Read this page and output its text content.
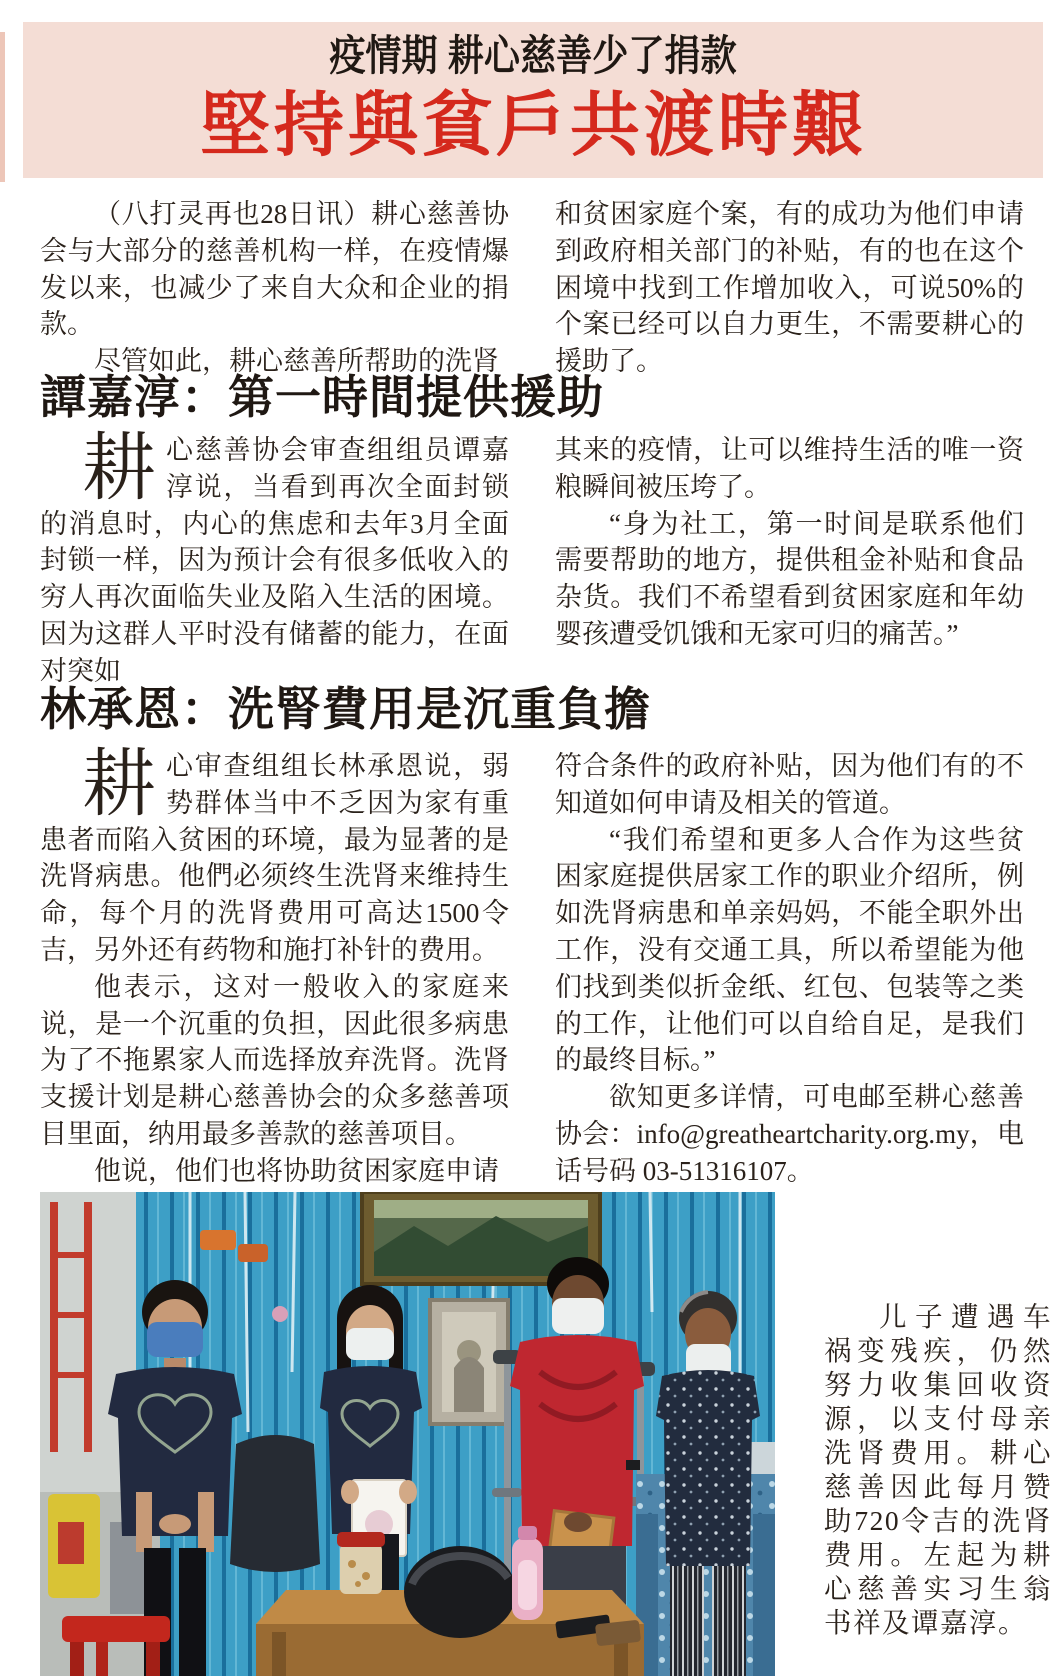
疫情期 耕心慈善少了捐款
堅持與貧戶共渡時艱

（八打灵再也28日讯）耕心慈善协会与大部分的慈善机构一样，在疫情爆发以来，也减少了来自大众和企业的捐款。

尽管如此，耕心慈善所帮助的洗肾

和贫困家庭个案，有的成功为他们申请到政府相关部门的补贴，有的也在这个困境中找到工作增加收入，可说50%的个案已经可以自力更生，不需要耕心的援助了。

譚嘉淳：第一時間提供援助

耕心慈善协会审查组组员谭嘉淳说，当看到再次全面封锁的消息时，内心的焦虑和去年3月全面封锁一样，因为预计会有很多低收入的穷人再次面临失业及陷入生活的困境。因为这群人平时没有储蓄的能力，在面对突如

其来的疫情，让可以维持生活的唯一资粮瞬间被压垮了。

“身为社工，第一时间是联系他们需要帮助的地方，提供租金补贴和食品杂货。我们不希望看到贫困家庭和年幼婴孩遭受饥饿和无家可归的痛苦。”

林承恩：洗腎費用是沉重負擔

耕心审查组组长林承恩说，弱势群体当中不乏因为家有重患者而陷入贫困的环境，最为显著的是洗肾病患。他們必须终生洗肾来维持生命，每个月的洗肾费用可高达1500令吉，另外还有药物和施打补针的费用。

他表示，这对一般收入的家庭来说，是一个沉重的负担，因此很多病患为了不拖累家人而选择放弃洗肾。洗肾支援计划是耕心慈善协会的众多慈善项目里面，纳用最多善款的慈善项目。

他说，他们也将协助贫困家庭申请

符合条件的政府补贴，因为他们有的不知道如何申请及相关的管道。

“我们希望和更多人合作为这些贫困家庭提供居家工作的职业介绍所，例如洗肾病患和单亲妈妈，不能全职外出工作，没有交通工具，所以希望能为他们找到类似折金纸、红包、包装等之类的工作，让他们可以自给自足，是我们的最终目标。”

欲知更多详情，可电邮至耕心慈善协会：info@greatheartcharity.org.my，电话号码 03-51316107。

儿子遭遇车祸变残疾，仍然努力收集回收资源，以支付母亲洗肾费用。耕心慈善因此每月赞助720令吉的洗肾费用。左起为耕心慈善实习生翁书祥及谭嘉淳。
